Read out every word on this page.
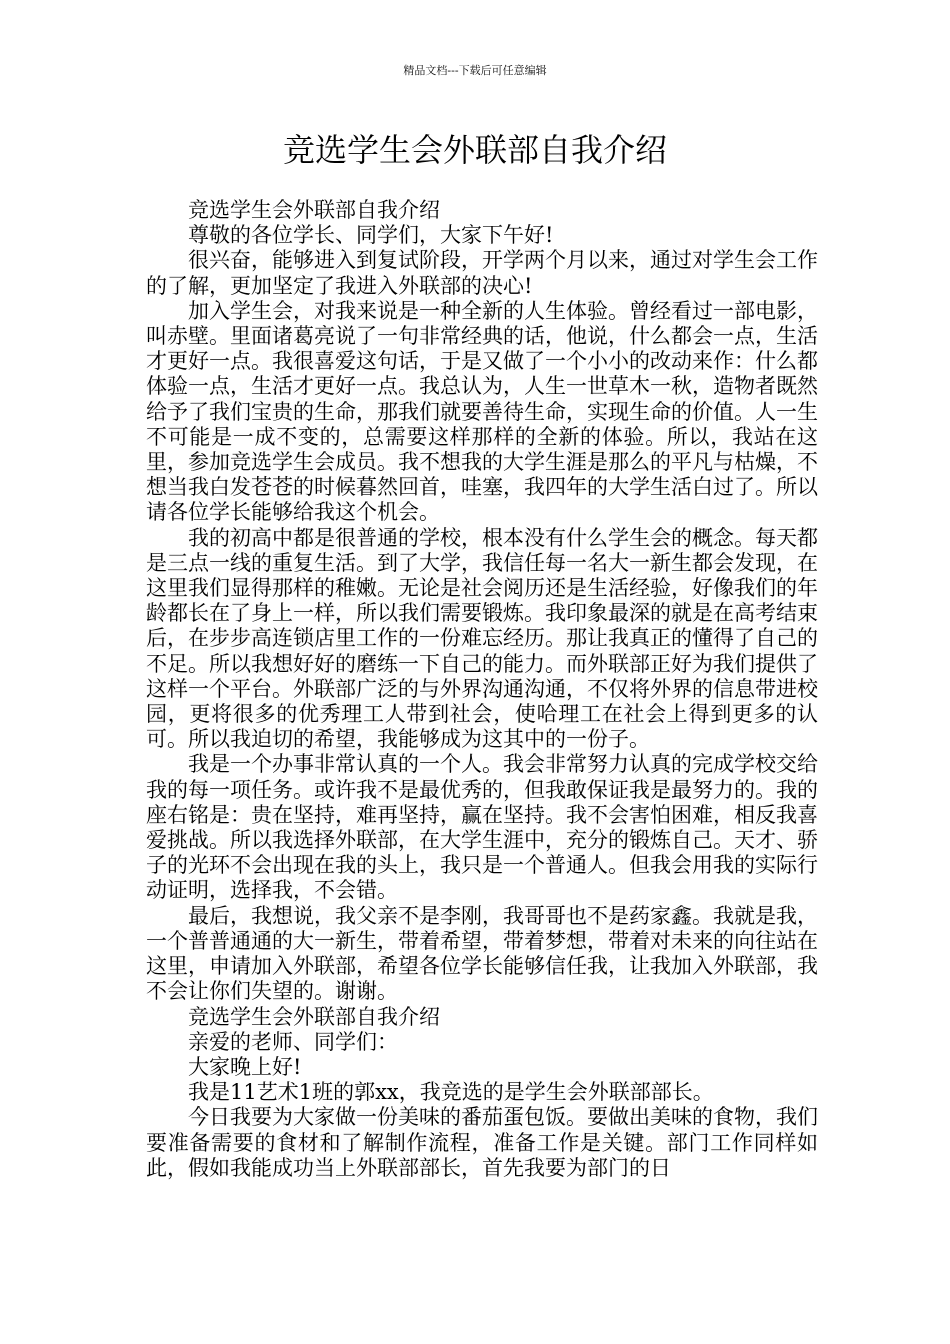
精品文档---下载后可任意编辑
竞选学生会外联部自我介绍

竞选学生会外联部自我介绍

尊敬的各位学长、同学们，大家下午好!

很兴奋，能够进入到复试阶段，开学两个月以来，通过对学生会工作的了解，更加坚定了我进入外联部的决心!

加入学生会，对我来说是一种全新的人生体验。曾经看过一部电影，叫赤壁。里面诸葛亮说了一句非常经典的话，他说，什么都会一点，生活才更好一点。我很喜爱这句话，于是又做了一个小小的改动来作：什么都体验一点，生活才更好一点。我总认为，人生一世草木一秋，造物者既然给予了我们宝贵的生命，那我们就要善待生命，实现生命的价值。人一生不可能是一成不变的，总需要这样那样的全新的体验。所以，我站在这里，参加竞选学生会成员。我不想我的大学生涯是那么的平凡与枯燥，不想当我白发苍苍的时候暮然回首，哇塞，我四年的大学生活白过了。所以请各位学长能够给我这个机会。

我的初高中都是很普通的学校，根本没有什么学生会的概念。每天都是三点一线的重复生活。到了大学，我信任每一名大一新生都会发现，在这里我们显得那样的稚嫩。无论是社会阅历还是生活经验，好像我们的年龄都长在了身上一样，所以我们需要锻炼。我印象最深的就是在高考结束后，在步步高连锁店里工作的一份难忘经历。那让我真正的懂得了自己的不足。所以我想好好的磨练一下自己的能力。而外联部正好为我们提供了这样一个平台。外联部广泛的与外界沟通沟通，不仅将外界的信息带进校园，更将很多的优秀理工人带到社会，使哈理工在社会上得到更多的认可。所以我迫切的希望，我能够成为这其中的一份子。

我是一个办事非常认真的一个人。我会非常努力认真的完成学校交给我的每一项任务。或许我不是最优秀的，但我敢保证我是最努力的。我的座右铭是：贵在坚持，难再坚持，赢在坚持。我不会害怕困难，相反我喜爱挑战。所以我选择外联部，在大学生涯中，充分的锻炼自己。天才、骄子的光环不会出现在我的头上，我只是一个普通人。但我会用我的实际行动证明，选择我，不会错。

最后，我想说，我父亲不是李刚，我哥哥也不是药家鑫。我就是我，一个普普通通的大一新生，带着希望，带着梦想，带着对未来的向往站在这里，申请加入外联部，希望各位学长能够信任我，让我加入外联部，我不会让你们失望的。谢谢。

竞选学生会外联部自我介绍

亲爱的老师、同学们：

大家晚上好!

我是11艺术1班的郭xx，我竞选的是学生会外联部部长。

今日我要为大家做一份美味的番茄蛋包饭。要做出美味的食物，我们要准备需要的食材和了解制作流程，准备工作是关键。部门工作同样如此，假如我能成功当上外联部部长，首先我要为部门的日
